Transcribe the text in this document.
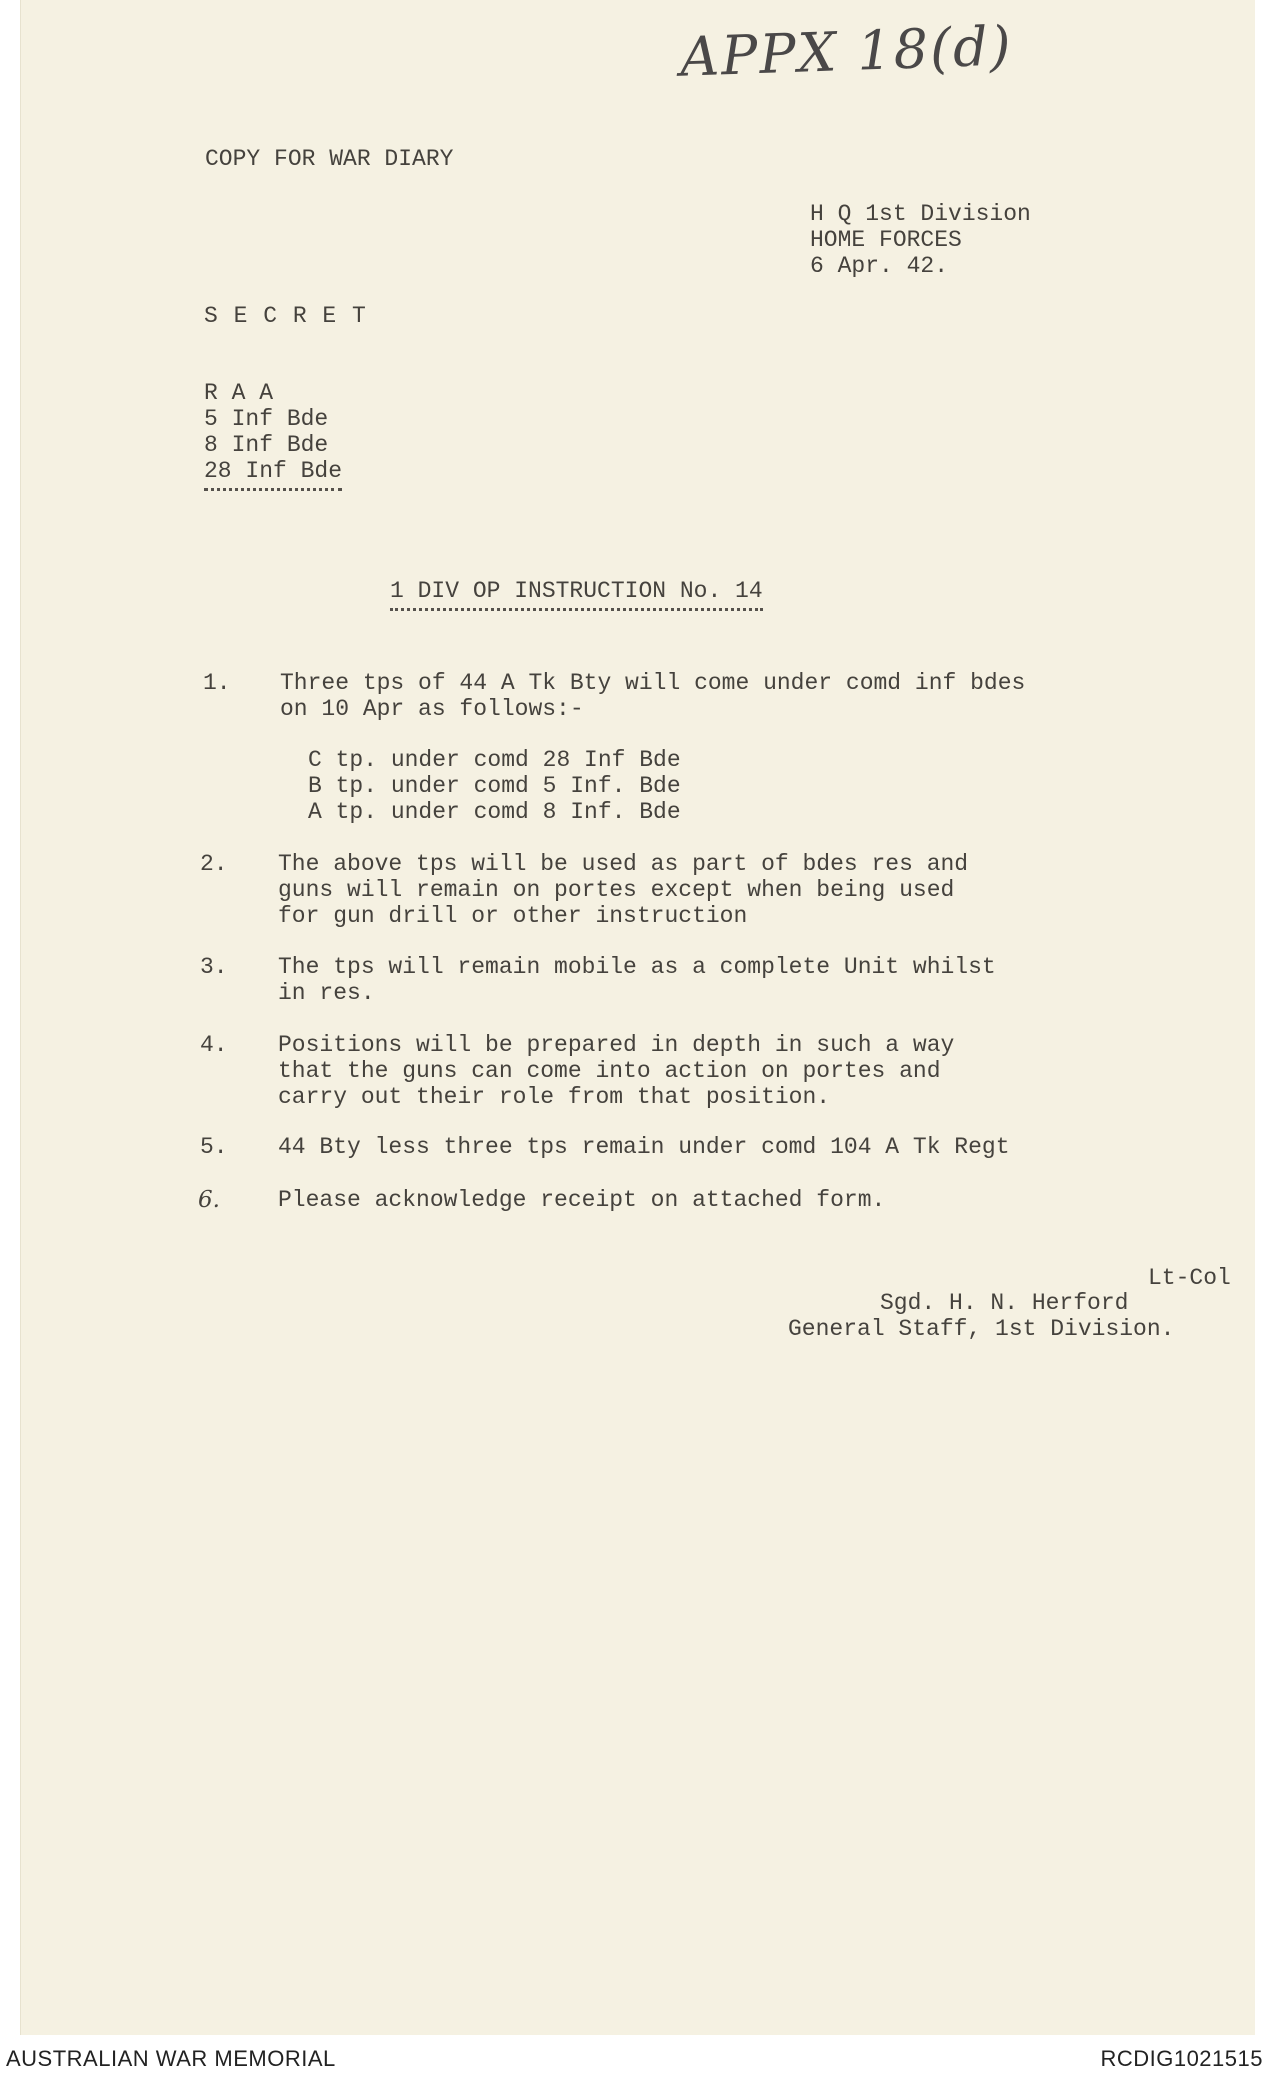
APPX 18(d)
COPY FOR WAR DIARY
H Q 1st Division
HOME FORCES
6 Apr. 42.
S E C R E T
R A A
5 Inf Bde
8 Inf Bde
28 Inf Bde
1 DIV OP INSTRUCTION No. 14
1. Three tps of 44 A Tk Bty will come under comd inf bdes
on 10 Apr as follows:-
C tp. under comd 28 Inf Bde
B tp. under comd 5 Inf. Bde
A tp. under comd 8 Inf. Bde
2. The above tps will be used as part of bdes res and
guns will remain on portes except when being used
for gun drill or other instruction
3. The tps will remain mobile as a complete Unit whilst
in res.
4. Positions will be prepared in depth in such a way
that the guns can come into action on portes and
carry out their role from that position.
5. 44 Bty less three tps remain under comd 104 A Tk Regt
6.	Please acknowledge receipt on attached form.
Lt-Col
Sgd. H. N. Herford
General Staff, 1st Division.
AUSTRALIAN WAR MEMORIAL	RCDIG1021515
